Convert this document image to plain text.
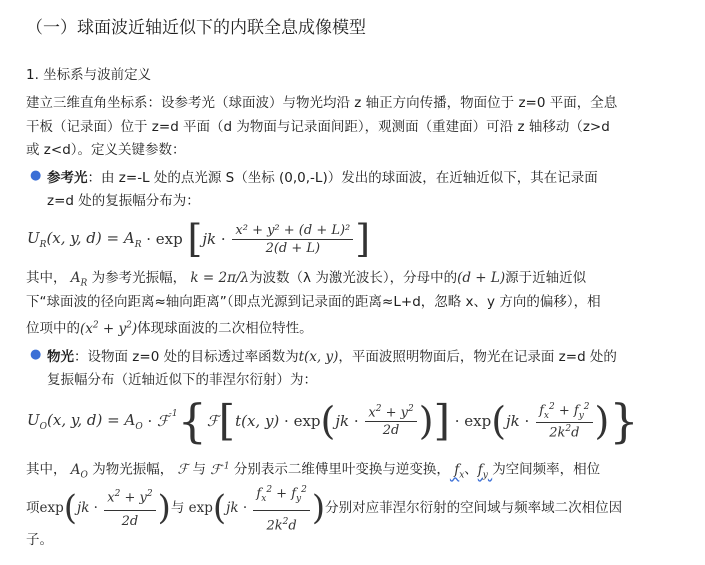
（一）球面波近轴近似下的内联全息成像模型
1. 坐标系与波前定义
建立三维直角坐标系：设参考光（球面波）与物光均沿 z 轴正方向传播，物面位于 z=0 平面，全息
干板（记录面）位于 z=d 平面（d 为物面与记录面间距），观测面（重建面）可沿 z 轴移动（z>d
或 z<d）。定义关键参数：
● 参考光：由 z=-L 处的点光源 S（坐标 (0,0,-L)）发出的球面波，在近轴近似下，其在记录面
z=d 处的复振幅分布为：
$U_R(x$, y, $d) = A_R \cdot \exp$ [ jk · $\frac{\text{x² + y² + (d + L)²}}{2(d + L)}$ ]
其中， $A_R$ 为参考光振幅， k = 2π/λ为波数（λ 为激光波长），分母中的(d + L)源于近轴近似
下“球面波的径向距离≈轴向距离”（即点光源到记录面的距离≈L+d，忽略 x、y 方向的偏移），相
位项中的$(x^2 + y^2)$体现球面波的二次相位特性。
● 物光：设物面 z=0 处的目标透过率函数为t(x, y)，平面波照明物面后，物光在记录面 z=d 处的
复振幅分布（近轴近似下的菲涅尔衍射）为：
$U_O(x$, y, $d) = A_O$ · ℱ$^{-1}$ { ℱ [ t(x, y) · exp ( jk · $\frac{x^2 + y^2}{2d}$ ) ] · exp ( jk · $\frac{f_x^2 + f_y^2}{2k^2d}$ ) }
其中， $A_O$ 为物光振幅， ℱ 与 ℱ$^{-1}$ 分别表示二维傅里叶变换与逆变换， $f_x$、$f_y$ 为空间频率，相位
项 exp ( jk · $\frac{x^2 + y^2}{2d}$ ) 与 exp ( jk · $\frac{f_x^2 + f_y^2}{2k^2d}$ ) 分别对应菲涅尔衍射的空间域与频率域二次相位因
子。
